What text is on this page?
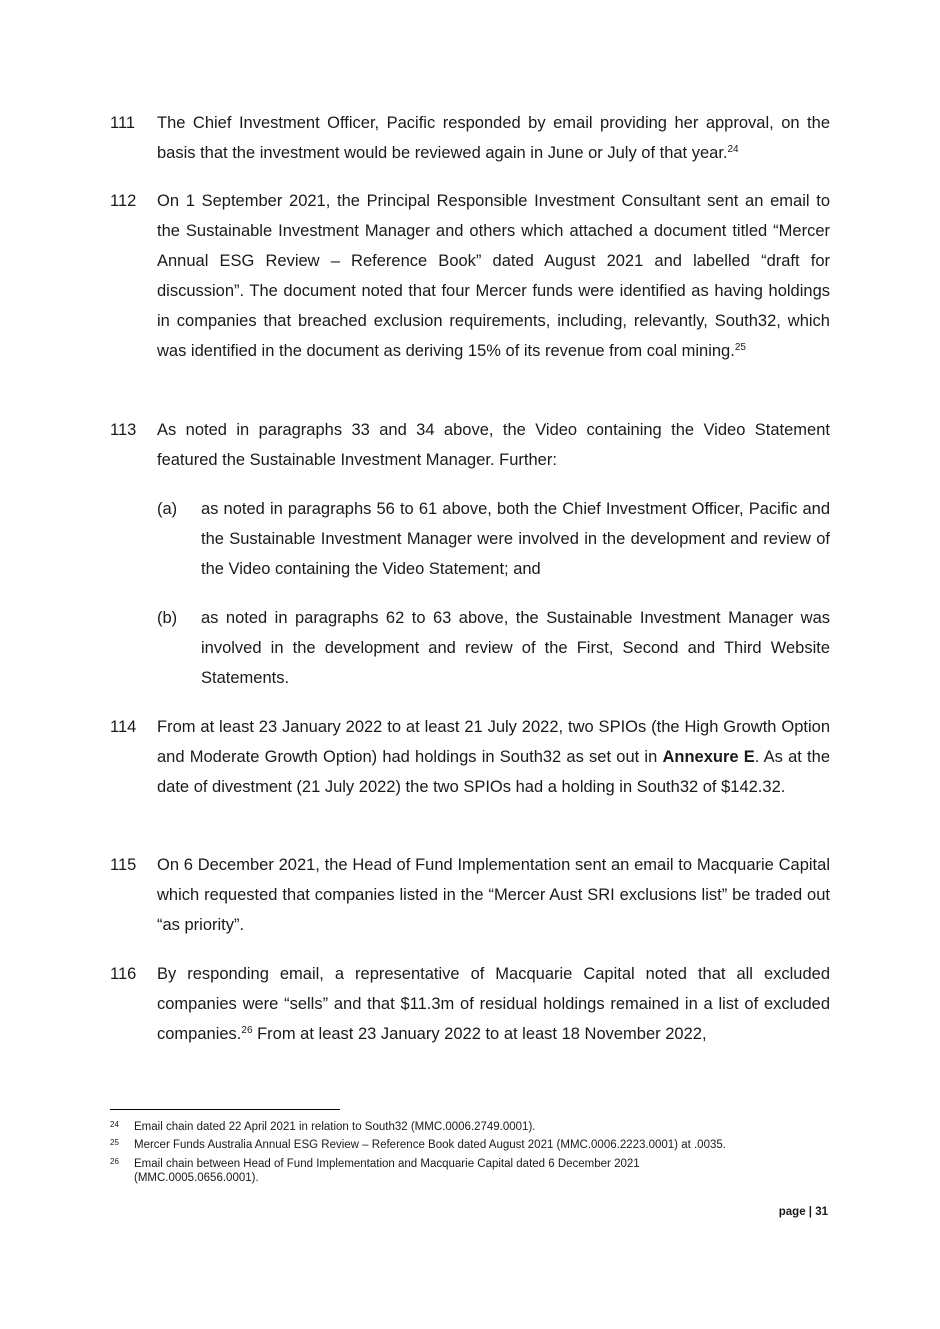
111	The Chief Investment Officer, Pacific responded by email providing her approval, on the basis that the investment would be reviewed again in June or July of that year.$^{24}$
112	On 1 September 2021, the Principal Responsible Investment Consultant sent an email to the Sustainable Investment Manager and others which attached a document titled “Mercer Annual ESG Review – Reference Book” dated August 2021 and labelled “draft for discussion”. The document noted that four Mercer funds were identified as having holdings in companies that breached exclusion requirements, including, relevantly, South32, which was identified in the document as deriving 15% of its revenue from coal mining.$^{25}$
113	As noted in paragraphs 33 and 34 above, the Video containing the Video Statement featured the Sustainable Investment Manager. Further:
(a)	as noted in paragraphs 56 to 61 above, both the Chief Investment Officer, Pacific and the Sustainable Investment Manager were involved in the development and review of the Video containing the Video Statement; and
(b)	as noted in paragraphs 62 to 63 above, the Sustainable Investment Manager was involved in the development and review of the First, Second and Third Website Statements.
114	From at least 23 January 2022 to at least 21 July 2022, two SPIOs (the High Growth Option and Moderate Growth Option) had holdings in South32 as set out in Annexure E. As at the date of divestment (21 July 2022) the two SPIOs had a holding in South32 of $142.32.
115	On 6 December 2021, the Head of Fund Implementation sent an email to Macquarie Capital which requested that companies listed in the “Mercer Aust SRI exclusions list” be traded out “as priority”.
116	By responding email, a representative of Macquarie Capital noted that all excluded companies were “sells” and that $11.3m of residual holdings remained in a list of excluded companies.$^{26}$ From at least 23 January 2022 to at least 18 November 2022,
24 Email chain dated 22 April 2021 in relation to South32 (MMC.0006.2749.0001).
25 Mercer Funds Australia Annual ESG Review – Reference Book dated August 2021 (MMC.0006.2223.0001) at .0035.
26 Email chain between Head of Fund Implementation and Macquarie Capital dated 6 December 2021 (MMC.0005.0656.0001).
page | 31
